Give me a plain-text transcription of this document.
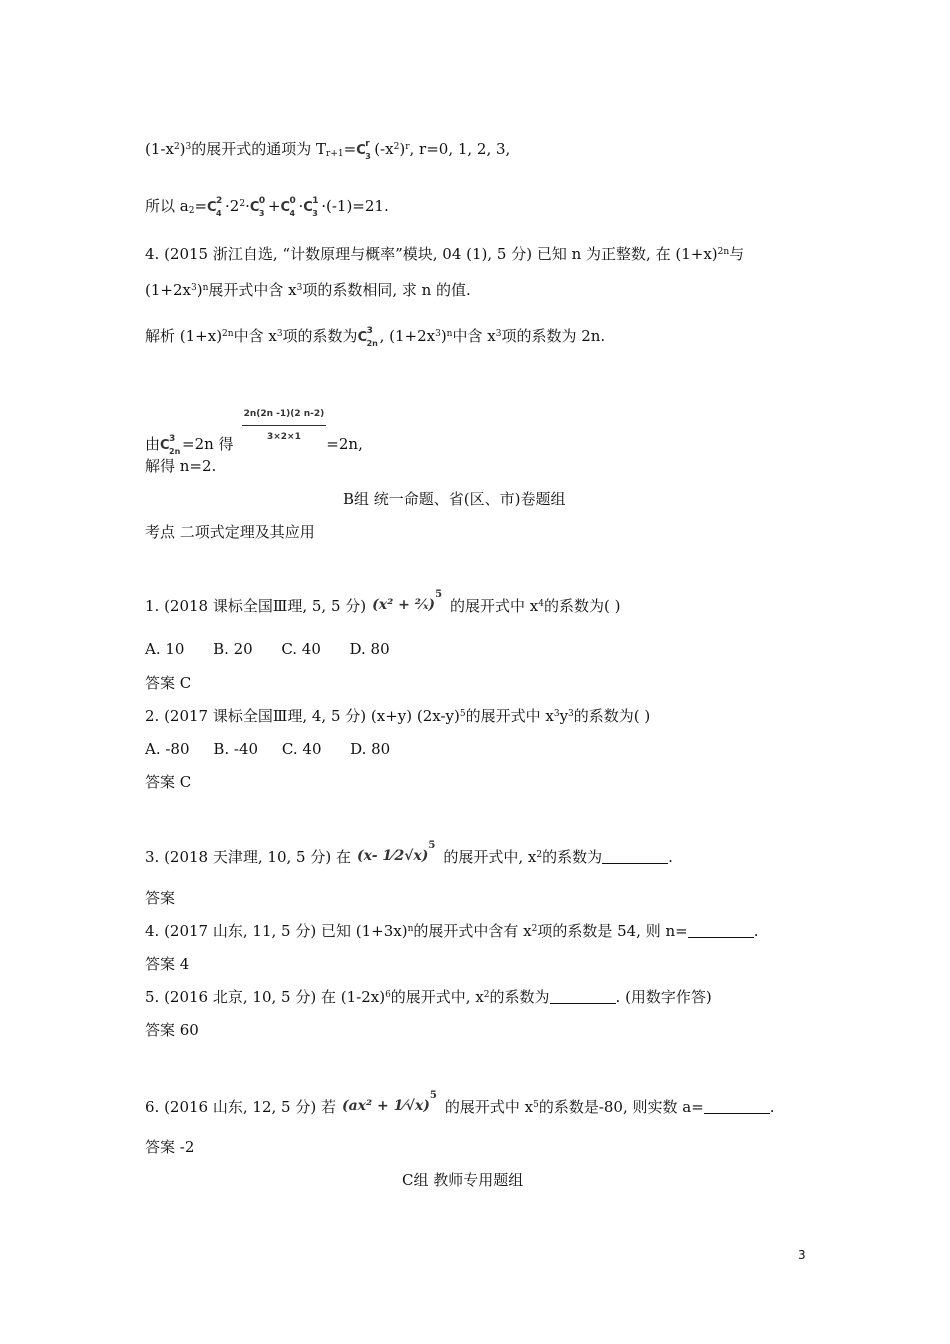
$(1-x^2)^3$的展开式的通项为 $T_{r+1}= C$ r
3 $(-x^2)^r$, r=0, 1, 2, 3,
所以 $a_2= C$ 2
$4 \cdot 2^2\cdot C$ 0
3 + C 0
4 · C 1
3 ·(-1)=21.
4. (2015 浙江自选, “计数原理与概率”模块, 04 (1), 5 分) 已知 n 为正整数, 在 $(1+x)^{2n}$与
$(1+2x^3)^n$展开式中含 $x^3$项的系数相同, 求 n 的值.
解析 $(1+x)^{2n}$中含 $x^3$项的系数为 C 3
2n , $(1+2x^3)^n$中含 $x^3$项的系数为 2n.
由 C 3
2n =2n 得 $\frac{2n(2n -1)(2 n-2)}{3\times 2\times 1} =2n$,
解得 n=2.
B组 统一命题、省(区、市)卷题组
考点 二项式定理及其应用
1. (2018 课标全国Ⅲ理, 5, 5 分) (x² + ²⁄ₓ)$^5$的展开式中 $x^4$的系数为( )
A. 10      B. 20      C. 40      D. 80
答案 C
2. (2017 课标全国Ⅲ理, 4, 5 分) (x+y) $(2x-y)^5$的展开式中 $x^3y^3$的系数为( )
A. -80     B. -40     C. 40      D. 80
答案 C
3. (2018 天津理, 10, 5 分) 在 (x- 1⁄2√x)$^5$的展开式中, $x^2$的系数为	.
答案
4. (2017 山东, 11, 5 分) 已知 $(1+3x)^n$的展开式中含有 $x^2$项的系数是 54, 则 n=	.
答案 4
5. (2016 北京, 10, 5 分) 在 $(1-2x)^6$的展开式中, $x^2$的系数为	. (用数字作答)
答案 60
6. (2016 山东, 12, 5 分) 若 (ax² + 1⁄√x)$^5$的展开式中 $x^5$的系数是-80, 则实数 a=	.
答案 -2
C组 教师专用题组
3
